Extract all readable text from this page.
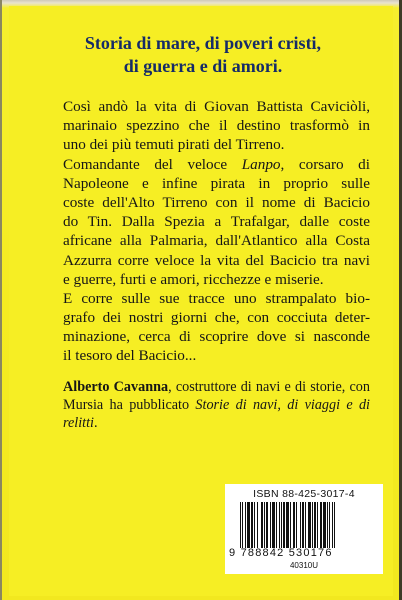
Storia di mare, di poveri cristi,
di guerra e di amori.
Così andò la vita di Giovan Battista Caviciòli,
marinaio spezzino che il destino trasformò in
uno dei più temuti pirati del Tirreno.
Comandante del veloce Lanpo, corsaro di
Napoleone e infine pirata in proprio sulle
coste dell'Alto Tirreno con il nome di Bacicio
do Tin. Dalla Spezia a Trafalgar, dalle coste
africane alla Palmaria, dall'Atlantico alla Costa
Azzurra corre veloce la vita del Bacicio tra navi
e guerre, furti e amori, ricchezze e miserie.
E corre sulle sue tracce uno strampalato bio-
grafo dei nostri giorni che, con cocciuta deter-
minazione, cerca di scoprire dove si nasconde
il tesoro del Bacicio...
Alberto Cavanna, costruttore di navi e di storie, con
Mursia ha pubblicato Storie di navi, di viaggi e di
relitti.
ISBN 88-425-3017-4
9 788842 530176
40310U
